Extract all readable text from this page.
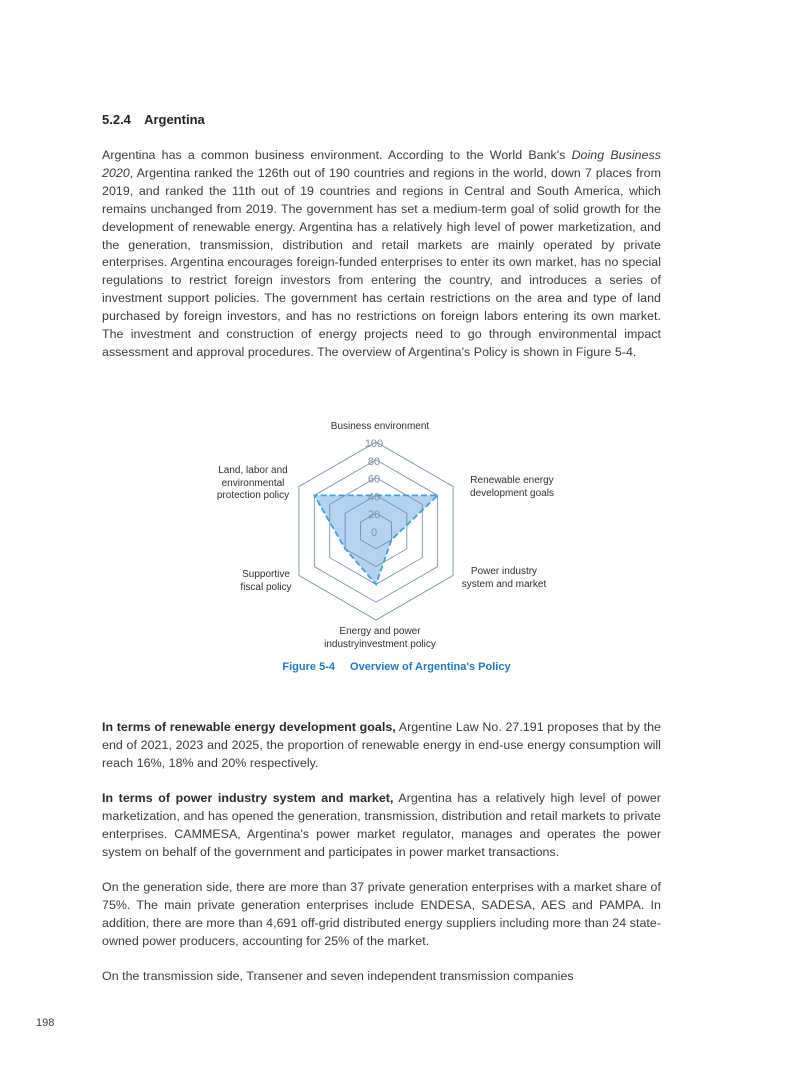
5.2.4 Argentina
Argentina has a common business environment. According to the World Bank's Doing Business 2020, Argentina ranked the 126th out of 190 countries and regions in the world, down 7 places from 2019, and ranked the 11th out of 19 countries and regions in Central and South America, which remains unchanged from 2019. The government has set a medium-term goal of solid growth for the development of renewable energy. Argentina has a relatively high level of power marketization, and the generation, transmission, distribution and retail markets are mainly operated by private enterprises. Argentina encourages foreign-funded enterprises to enter its own market, has no special regulations to restrict foreign investors from entering the country, and introduces a series of investment support policies. The government has certain restrictions on the area and type of land purchased by foreign investors, and has no restrictions on foreign labors entering its own market. The investment and construction of energy projects need to go through environmental impact assessment and approval procedures. The overview of Argentina's Policy is shown in Figure 5-4.
0
20
40
60
80
100
Business environment
Renewable energy
development goals
Power industry
system and market
Energy and power
industryinvestment policy
Supportive
fiscal policy
Land, labor and
environmental
protection policy
Figure 5-4 Overview of Argentina's Policy
In terms of renewable energy development goals, Argentine Law No. 27.191 proposes that by the end of 2021, 2023 and 2025, the proportion of renewable energy in end-use energy consumption will reach 16%, 18% and 20% respectively.
In terms of power industry system and market, Argentina has a relatively high level of power marketization, and has opened the generation, transmission, distribution and retail markets to private enterprises. CAMMESA, Argentina's power market regulator, manages and operates the power system on behalf of the government and participates in power market transactions.
On the generation side, there are more than 37 private generation enterprises with a market share of 75%. The main private generation enterprises include ENDESA, SADESA, AES and PAMPA. In addition, there are more than 4,691 off-grid distributed energy suppliers including more than 24 state-owned power producers, accounting for 25% of the market.
On the transmission side, Transener and seven independent transmission companies
198
